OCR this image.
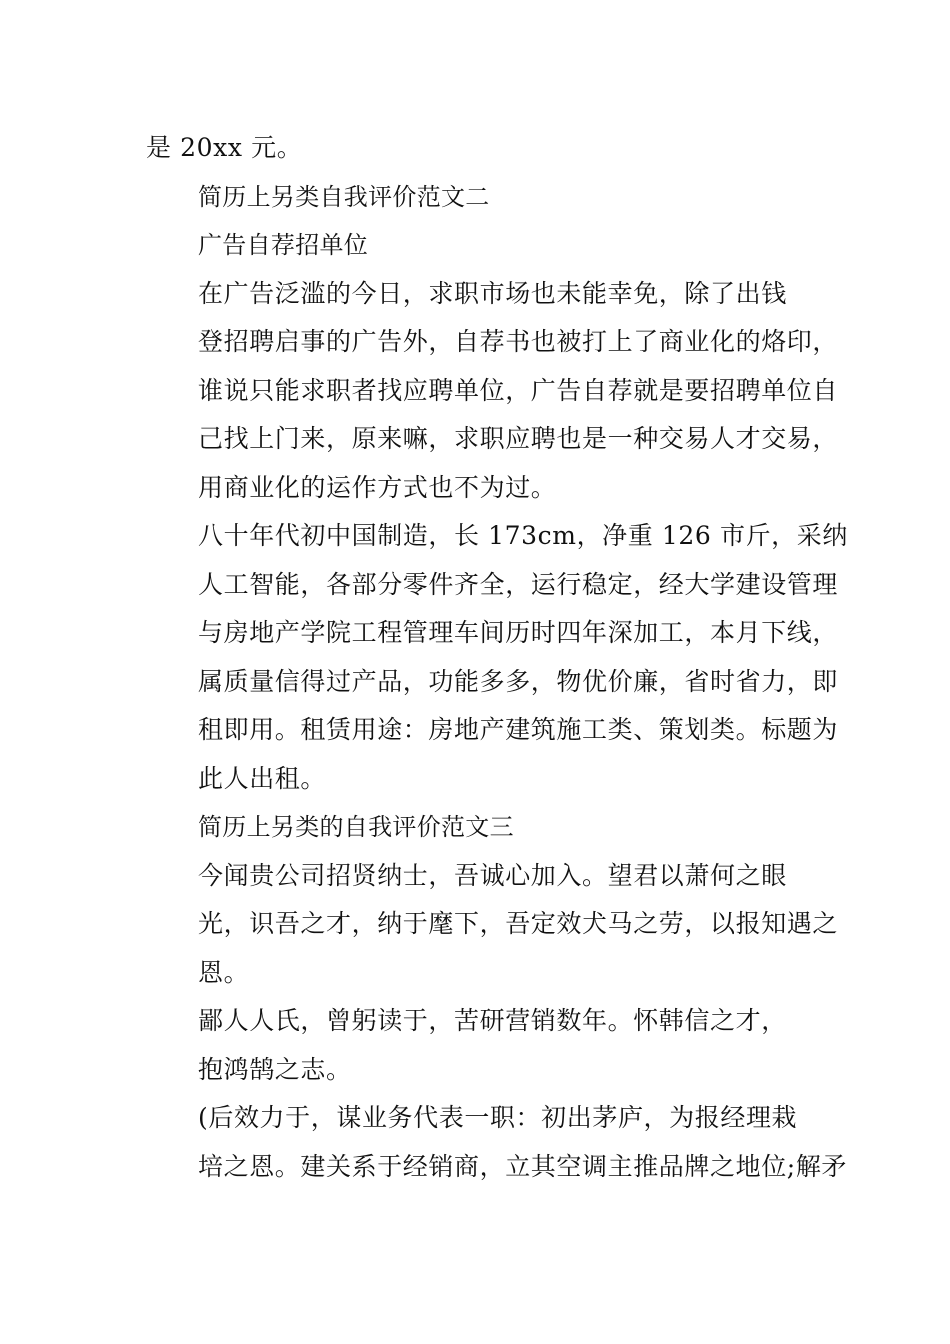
是 20xx 元。

简历上另类自我评价范文二

广告自荐招单位

在广告泛滥的今日，求职市场也未能幸免，除了出钱
登招聘启事的广告外，自荐书也被打上了商业化的烙印，
谁说只能求职者找应聘单位，广告自荐就是要招聘单位自
己找上门来，原来嘛，求职应聘也是一种交易人才交易，
用商业化的运作方式也不为过。

八十年代初中国制造，长 173cm，净重 126 市斤，采纳
人工智能，各部分零件齐全，运行稳定，经大学建设管理
与房地产学院工程管理车间历时四年深加工，本月下线，
属质量信得过产品，功能多多，物优价廉，省时省力，即
租即用。租赁用途：房地产建筑施工类、策划类。标题为
此人出租。

简历上另类的自我评价范文三

今闻贵公司招贤纳士，吾诚心加入。望君以萧何之眼
光，识吾之才，纳于麾下，吾定效犬马之劳，以报知遇之
恩。

鄙人人氏，曾躬读于，苦研营销数年。怀韩信之才，
抱鸿鹄之志。

(后效力于，谋业务代表一职：初出茅庐，为报经理栽
培之恩。建关系于经销商，立其空调主推品牌之地位;解矛
